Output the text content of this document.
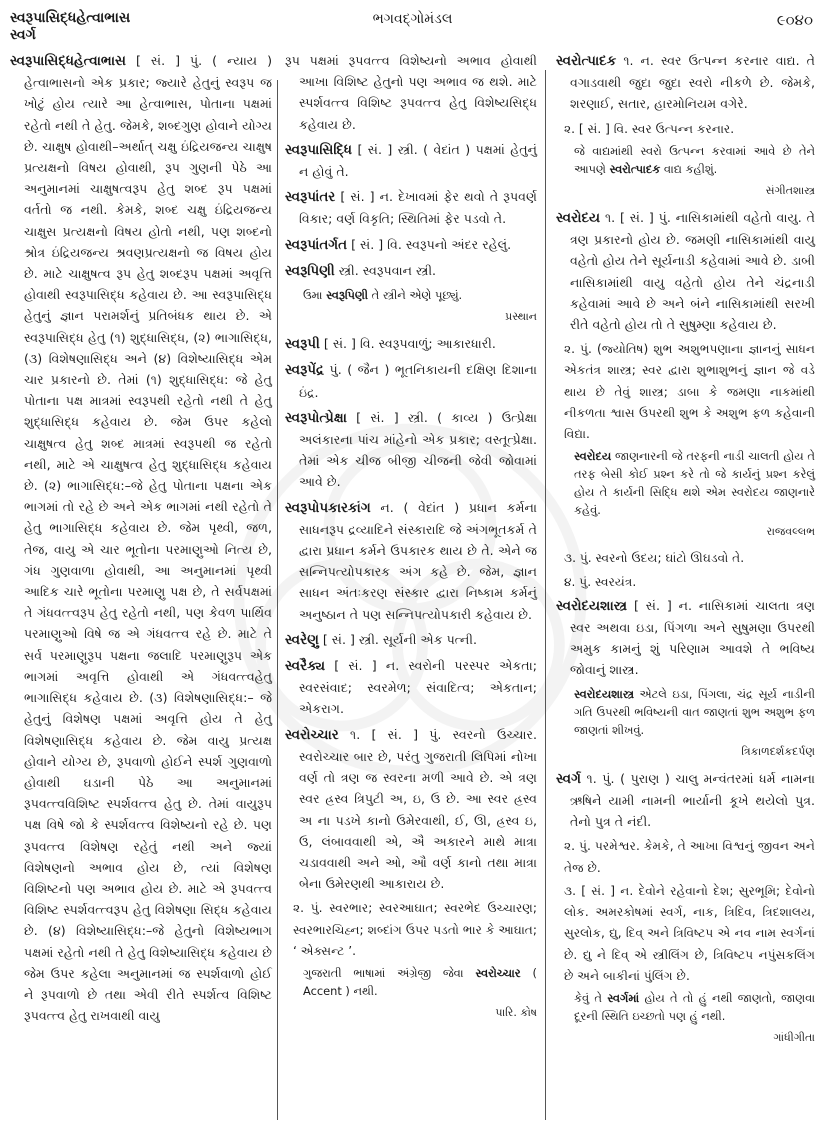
સ્વરૂપાસિદ્ધહેત્વાભાસ
સ્વર્ગ
ભગવદ્ગોમંડલ	૯૦૪૦

સ્વરૂપાસિદ્ધહેત્વાભાસ [ સં. ] પું. ( ન્યાય ) હેત્વાભાસનો એક પ્રકાર; જ્યારે હેતુનું સ્વરૂપ જ ખોટું હોય ત્યારે આ હેત્વાભાસ, પોતાના પક્ષમાં રહેતો નથી તે હેતુ. જેમકે, શબ્દગુણ હોવાને યોગ્ય છે. ચાક્ષુષ હોવાથી–અર્થાત્ ચક્ષુ ઇંદ્રિયજન્ય ચાક્ષુષ પ્રત્યક્ષનો વિષય હોવાથી, રૂપ ગુણની પેઠે આ અનુમાનમાં ચાક્ષુષત્વરૂપ હેતુ શબ્દ રૂપ પક્ષમાં વર્તતો જ નથી. કેમકે, શબ્દ ચક્ષુ ઇંદ્રિયજન્ય ચાક્ષુસ પ્રત્યક્ષનો વિષય હોતો નથી, પણ શબ્દનો શ્રોત્ર ઇંદ્રિયજન્ય શ્રવણપ્રત્યક્ષનો જ વિષય હોય છે. માટે ચાક્ષુષત્વ રૂપ હેતુ શબ્દરૂપ પક્ષમાં અવૃત્તિ હોવાથી સ્વરૂપાસિદ્ધ કહેવાય છે. આ સ્વરૂપાસિદ્ધ હેતુનું જ્ઞાન પરામર્શનું પ્રતિબંધક થાય છે. એ સ્વરૂપાસિદ્ધ હેતુ (૧) શુદ્ધાસિદ્ધ, (૨) ભાગાસિદ્ધ, (૩) વિશેષણાસિદ્ધ અને (૪) વિશેષ્યાસિદ્ધ એમ ચાર પ્રકારનો છે. તેમાં (૧) શુદ્ધાસિદ્ધ: જે હેતુ પોતાના પક્ષ માત્રમાં સ્વરૂપથી રહેતો નથી તે હેતુ શુદ્ધાસિદ્ધ કહેવાય છે. જેમ ઉપર કહેલો ચાક્ષુષત્વ હેતુ શબ્દ માત્રમાં સ્વરૂપથી જ રહેતો નથી, માટે એ ચાક્ષુષત્વ હેતુ શુદ્ધાસિદ્ધ કહેવાય છે. (૨) ભાગાસિદ્ધ:–જે હેતુ પોતાના પક્ષના એક ભાગમાં તો રહે છે અને એક ભાગમાં નથી રહેતો તે હેતુ ભાગાસિદ્ધ કહેવાય છે. જેમ પૃથ્વી, જળ, તેજ, વાયુ એ ચાર ભૂતોના પરમાણુઓ નિત્ય છે, ગંધ ગુણવાળા હોવાથી, આ અનુમાનમાં પૃથ્વી આદિક ચારે ભૂતોના પરમાણુ પક્ષ છે, તે સર્વપક્ષમાં તે ગંધવત્ત્વરૂપ હેતુ રહેતો નથી, પણ કેવળ પાર્થિવ પરમાણુઓ વિષે જ એ ગંધવત્ત્વ રહે છે. માટે તે સર્વ પરમાણુરૂપ પક્ષના જલાદિ પરમાણુરૂપ એક ભાગમાં અવૃત્તિ હોવાથી એ ગંધવત્ત્વહેતુ ભાગાસિદ્ધ કહેવાય છે. (૩) વિશેષણાસિદ્ધ:– જે હેતુનું વિશેષણ પક્ષમાં અવૃત્તિ હોય તે હેતુ વિશેષણાસિદ્ધ કહેવાય છે. જેમ વાયુ પ્રત્યક્ષ હોવાને યોગ્ય છે, રૂપવાળો હોઈને સ્પર્શ ગુણવાળો હોવાથી ઘડાની પેઠે આ અનુમાનમાં રૂપવત્ત્વવિશિષ્ટ સ્પર્શવત્ત્વ હેતુ છે. તેમાં વાયુરૂપ પક્ષ વિષે જો કે સ્પર્શવત્ત્વ વિશેષ્યનો રહે છે. પણ રૂપવત્ત્વ વિશેષણ રહેતું નથી અને જ્યાં વિશેષણનો અભાવ હોય છે, ત્યાં વિશેષણ વિશિષ્ટનો પણ અભાવ હોય છે. માટે એ રૂપવત્ત્વ વિશિષ્ટ સ્પર્શવત્ત્વરૂપ હેતુ વિશેષણા સિદ્ધ કહેવાય છે. (૪) વિશેષ્યાસિદ્ધ:–જે હેતુનો વિશેષ્યભાગ પક્ષમાં રહેતો નથી તે હેતુ વિશેષ્યાસિદ્ધ કહેવાય છે જેમ ઉપર કહેલા અનુમાનમાં જ સ્પર્શવાળો હોઈ ને રૂપવાળો છે તથા એવી રીતે સ્પર્શત્વ વિશિષ્ટ રૂપવત્ત્વ હેતુ રાખવાથી વાયુ

રૂપ પક્ષમાં રૂપવત્ત્વ વિશેષ્યનો અભાવ હોવાથી આખા વિશિષ્ટ હેતુનો પણ અભાવ જ થશે. માટે સ્પર્શવત્ત્વ વિશિષ્ટ રૂપવત્ત્વ હેતુ વિશેષ્યસિદ્ધ કહેવાય છે.

સ્વરૂપાસિદ્ધિ [ સં. ] સ્ત્રી. ( વેદાંત ) પક્ષમાં હેતુનું ન હોવું તે.

સ્વરૂપાંતર [ સં. ] ન. દેખાવમાં ફેર થવો તે રૂપવર્ણ વિકાર; વર્ણ વિકૃતિ; સ્થિતિમાં ફેર પડવો તે.

સ્વરૂપાંતર્ગત [ સં. ] વિ. સ્વરૂપનો અંદર રહેલું.

સ્વરૂપિણી સ્ત્રી. સ્વરૂપવાન સ્ત્રી.

ઉમા સ્વરૂપિણી તે સ્ત્રીને એણે પૂછ્યું.

પ્રસ્થાન

સ્વરૂપી [ સં. ] વિ. સ્વરૂપવાળું; આકારધારી.

સ્વરૂપેંદ્ર પું. ( જૈન ) ભૂતનિકાયની દક્ષિણ દિશાના ઇંદ્ર.

સ્વરૂપોત્પ્રેક્ષા [ સં. ] સ્ત્રી. ( કાવ્ય ) ઉત્પ્રેક્ષા અલંકારના પાંચ માંહેનો એક પ્રકાર; વસ્તૂત્પ્રેક્ષા. તેમાં એક ચીજ બીજી ચીજની જેવી જોવામાં આવે છે.

સ્વરૂપોપકારકાંગ ન. ( વેદાંત ) પ્રધાન કર્મના સાધનરૂપ દ્રવ્યાદિને સંસ્કારાદિ જે અંગભૂતકર્મ તે દ્વારા પ્રધાન કર્મને ઉપકારક થાય છે તે. એને જ સન્નિપત્યોપકારક અંગ કહે છે. જેમ, જ્ઞાન સાધન અંતઃકરણ સંસ્કાર દ્વારા નિષ્કામ કર્મનું અનુષ્ઠાન તે પણ સન્નિપત્યોપકારી કહેવાય છે.

સ્વરેણુ [ સં. ] સ્ત્રી. સૂર્યની એક પત્ની.

સ્વરૈક્ય [ સં. ] ન. સ્વરોની પરસ્પર એકતા; સ્વરસંવાદ; સ્વરમેળ; સંવાદિત્વ; એકતાન; એકરાગ.

સ્વરોચ્ચાર ૧. [ સં. ] પું. સ્વરનો ઉચ્ચાર. સ્વરોચ્ચાર બાર છે, પરંતુ ગુજરાતી લિપિમાં નોખા વર્ણ તો ત્રણ જ સ્વરના મળી આવે છે. એ ત્રણ સ્વર હ્રસ્વ ત્રિપુટી અ, ઇ, ઉ છે. આ સ્વર હ્રસ્વ અ ના પડખે કાનો ઉમેરવાથી, ઈ, ઊ, હ્રસ્વ ઇ, ઉ, લંબાવવાથી એ, ઐ અકારને માથે માત્રા ચડાવવાથી અને ઓ, ઔ વર્ણ કાનો તથા માત્રા બેના ઉમેરણથી આકારાય છે.

૨. પું. સ્વરભાર; સ્વરઆઘાત; સ્વરભેદ ઉચ્ચારણ; સ્વરભારચિહ્ન; શબ્દાંગ ઉપર પડતો ભાર કે આઘાત; ‘ એક્સન્ટ ’.

ગુજરાતી ભાષામાં અંગ્રેજી જેવા સ્વરોચ્ચાર ( Accent ) નથી.

પારિ. કોષ

સ્વરોત્પાદક ૧. ન. સ્વર ઉત્પન્ન કરનાર વાદ્ય. તે વગાડવાથી જુદા જુદા સ્વરો નીકળે છે. જેમકે, શરણાઈ, સતાર, હારમોનિયમ વગેરે.

૨. [ સં. ] વિ. સ્વર ઉત્પન્ન કરનાર.

જે વાદ્યમાંથી સ્વરો ઉત્પન્ન કરવામાં આવે છે તેને આપણે સ્વરોત્પાદક વાદ્ય કહીશું.

સંગીતશાસ્ત્ર

સ્વરોદય ૧. [ સં. ] પું. નાસિકામાંથી વહેતો વાયુ. તે ત્રણ પ્રકારનો હોય છે. જમણી નાસિકામાંથી વાયુ વહેતો હોય તેને સૂર્યનાડી કહેવામાં આવે છે. ડાબી નાસિકામાંથી વાયુ વહેતો હોય તેને ચંદ્રનાડી કહેવામાં આવે છે અને બંને નાસિકામાંથી સરખી રીતે વહેતો હોય તો તે સુષુમ્ણા કહેવાય છે.

૨. પું. (જ્યોતિષ) શુભ અશુભપણાના જ્ઞાનનું સાધન એકતંત્ર શાસ્ત્ર; સ્વર દ્વારા શુભાશુભનું જ્ઞાન જે વડે થાય છે તેવું શાસ્ત્ર; ડાબા કે જમણા નાકમાંથી નીકળતા શ્વાસ ઉપરથી શુભ કે અશુભ ફળ કહેવાની વિદ્યા.

સ્વરોદય જાણનારની જે તરફની નાડી ચાલતી હોય તે તરફ બેસી કોઈ પ્રશ્ન કરે તો જે કાર્યનું પ્રશ્ન કરેલું હોય તે કાર્યની સિદ્ધિ થશે એમ સ્વરોદય જાણનારે કહેવું.

રાજવલ્લભ

૩. પું. સ્વરનો ઉદય; ઘાંટો ઊઘડવો તે.

૪. પું. સ્વરયંત્ર.

સ્વરોદયશાસ્ત્ર [ સં. ] ન. નાસિકામાં ચાલતા ત્રણ સ્વર અથવા ઇડા, પિંગળા અને સુષુમણા ઉપરથી અમુક કામનું શું પરિણામ આવશે તે ભવિષ્ય જોવાનું શાસ્ત્ર.

સ્વરોદયશાસ્ત્ર એટલે ઇડા, પિંગલા, ચંદ્ર સૂર્ય નાડીની ગતિ ઉપરથી ભવિષ્યની વાત જાણતાં શુભ અશુભ ફળ જાણતાં શીખવું.

ત્રિકાળદર્શકદર્પણ

સ્વર્ગ ૧. પું. ( પુરાણ ) ચાલુ મન્વંતરમાં ધર્મ નામના ઋષિને યામી નામની ભાર્યાની કૂખે થયેલો પુત્ર. તેનો પુત્ર તે નંદી.

૨. પું. પરમેશ્વર. કેમકે, તે આખા વિશ્વનું જીવન અને તેજ છે.

૩. [ સં. ] ન. દેવોને રહેવાનો દેશ; સુરભૂમિ; દેવોનો લોક. અમરકોષમાં સ્વર્ગ, નાક, ત્રિદિવ, ત્રિદશાલય, સુરલોક, દ્યુ, દિવ્ અને ત્રિવિષ્ટપ એ નવ નામ સ્વર્ગનાં છે. દ્યુ ને દિવ્ એ સ્ત્રીલિંગ છે, ત્રિવિષ્ટપ નપુંસકલિંગ છે અને બાકીનાં પુંલિંગ છે.

કેવું તે સ્વર્ગમાં હોય તે તો હું નથી જાણતો, જાણવા દૂરની સ્થિતિ ઇચ્છતો પણ હું નથી.

ગાંધીગીતા
